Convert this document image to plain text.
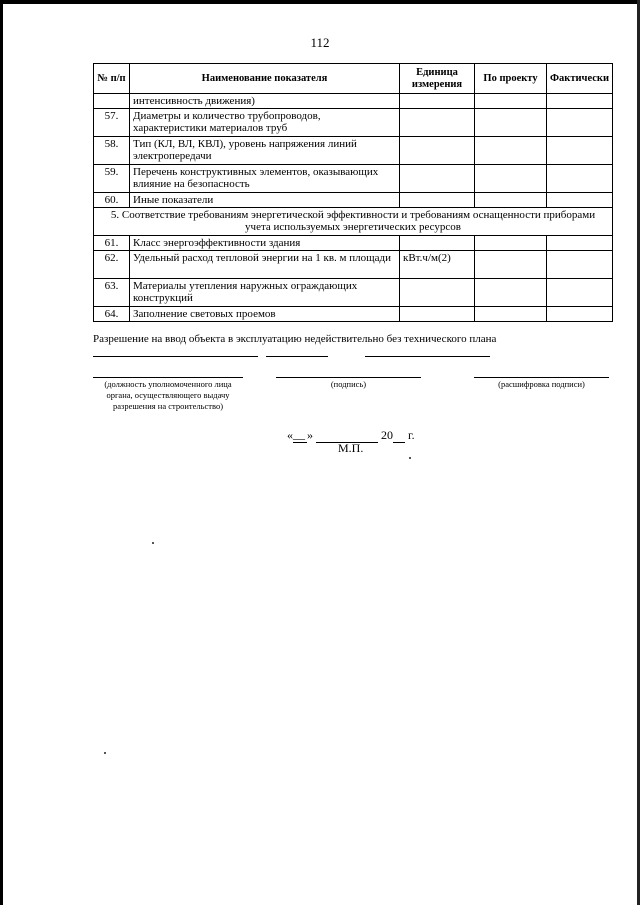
112
№ п/п	Наименование показателя	Единица измерения	По проекту	Фактически
	интенсивность движения)			
57.	Диаметры и количество трубопроводов, характеристики материалов труб			
58.	Тип (КЛ, ВЛ, КВЛ), уровень напряжения линий электропередачи			
59.	Перечень конструктивных элементов, оказывающих влияние на безопасность			
60.	Иные показатели			
5. Соответствие требованиям энергетической эффективности и требованиям оснащенности приборами учета используемых энергетических ресурсов				
61.	Класс энергоэффективности здания			
62.	Удельный расход тепловой энергии на 1 кв. м площади	кВт.ч/м(2)		
63.	Материалы утепления наружных ограждающих конструкций			
64.	Заполнение световых проемов			
Разрешение на ввод объекта в эксплуатацию недействительно без технического плана
(должность уполномоченного лица органа, осуществляющего выдачу разрешения на строительство)
(подпись)	(расшифровка подписи)
«__ »	20 г.
М.П.
